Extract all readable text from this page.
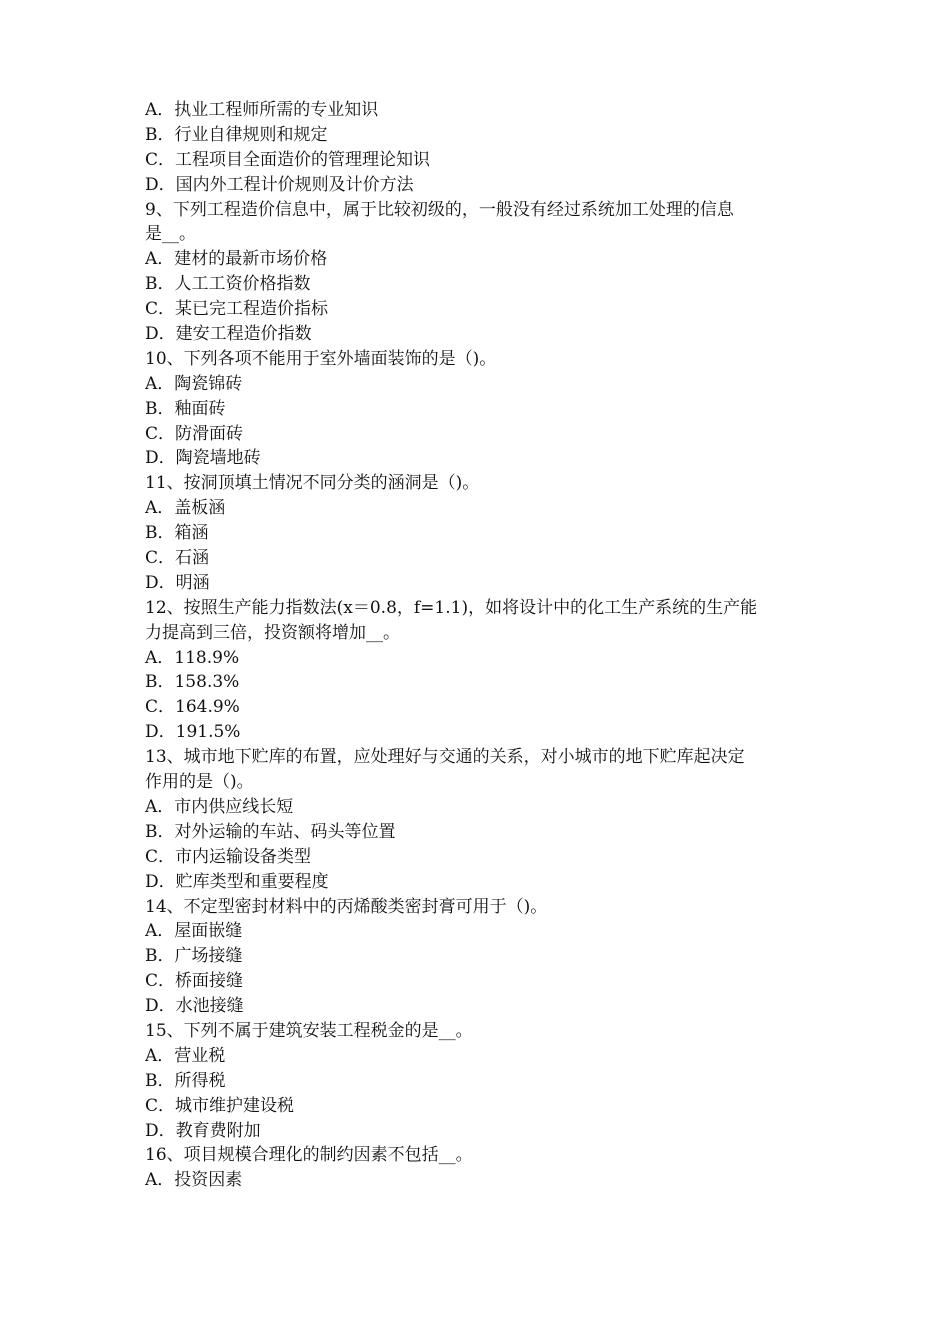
A．执业工程师所需的专业知识
B．行业自律规则和规定
C．工程项目全面造价的管理理论知识
D．国内外工程计价规则及计价方法
9、下列工程造价信息中，属于比较初级的，一般没有经过系统加工处理的信息
是__。
A．建材的最新市场价格
B．人工工资价格指数
C．某已完工程造价指标
D．建安工程造价指数
10、下列各项不能用于室外墙面装饰的是（)。
A．陶瓷锦砖
B．釉面砖
C．防滑面砖
D．陶瓷墙地砖
11、按洞顶填土情况不同分类的涵洞是（)。
A．盖板涵
B．箱涵
C．石涵
D．明涵
12、按照生产能力指数法(x＝0.8，f=1.1)，如将设计中的化工生产系统的生产能
力提高到三倍，投资额将增加__。
A．118.9%
B．158.3%
C．164.9%
D．191.5%
13、城市地下贮库的布置，应处理好与交通的关系，对小城市的地下贮库起决定
作用的是（)。
A．市内供应线长短
B．对外运输的车站、码头等位置
C．市内运输设备类型
D．贮库类型和重要程度
14、不定型密封材料中的丙烯酸类密封膏可用于（)。
A．屋面嵌缝
B．广场接缝
C．桥面接缝
D．水池接缝
15、下列不属于建筑安装工程税金的是__。
A．营业税
B．所得税
C．城市维护建设税
D．教育费附加
16、项目规模合理化的制约因素不包括__。
A．投资因素
